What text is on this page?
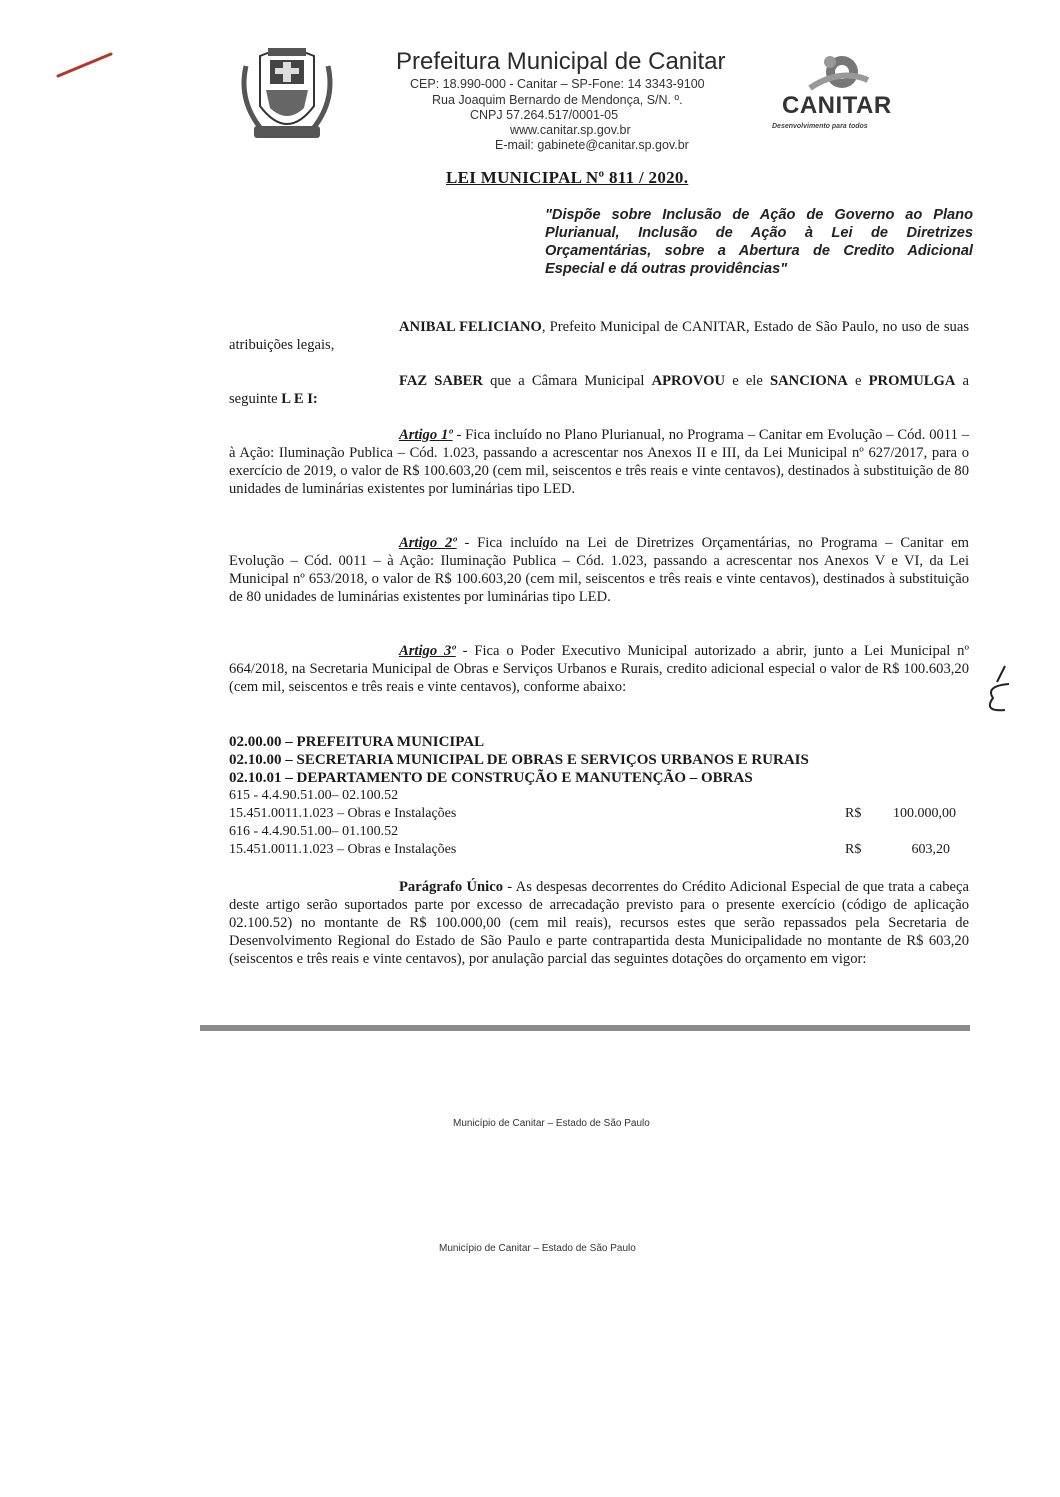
Prefeitura Municipal de Canitar
CEP: 18.990-000 - Canitar – SP-Fone: 14 3343-9100
Rua Joaquim Bernardo de Mendonça, S/N. º.
CNPJ 57.264.517/0001-05
www.canitar.sp.gov.br
E-mail: gabinete@canitar.sp.gov.br
CANITAR
Desenvolvimento para todos
LEI MUNICIPAL Nº 811 / 2020.
"Dispõe sobre Inclusão de Ação de Governo ao Plano Plurianual, Inclusão de Ação à Lei de Diretrizes Orçamentárias, sobre a Abertura de Credito Adicional Especial e dá outras providências"
ANIBAL FELICIANO, Prefeito Municipal de CANITAR, Estado de São Paulo, no uso de suas atribuições legais,
FAZ SABER que a Câmara Municipal APROVOU e ele SANCIONA e PROMULGA a seguinte L E I:
Artigo 1º - Fica incluído no Plano Plurianual, no Programa – Canitar em Evolução – Cód. 0011 – à Ação: Iluminação Publica – Cód. 1.023, passando a acrescentar nos Anexos II e III, da Lei Municipal nº 627/2017, para o exercício de 2019, o valor de R$ 100.603,20 (cem mil, seiscentos e três reais e vinte centavos), destinados à substituição de 80 unidades de luminárias existentes por luminárias tipo LED.
Artigo 2º - Fica incluído na Lei de Diretrizes Orçamentárias, no Programa – Canitar em Evolução – Cód. 0011 – à Ação: Iluminação Publica – Cód. 1.023, passando a acrescentar nos Anexos V e VI, da Lei Municipal nº 653/2018, o valor de R$ 100.603,20 (cem mil, seiscentos e três reais e vinte centavos), destinados à substituição de 80 unidades de luminárias existentes por luminárias tipo LED.
Artigo 3º - Fica o Poder Executivo Municipal autorizado a abrir, junto a Lei Municipal nº 664/2018, na Secretaria Municipal de Obras e Serviços Urbanos e Rurais, credito adicional especial o valor de R$ 100.603,20 (cem mil, seiscentos e três reais e vinte centavos), conforme abaixo:
02.00.00 – PREFEITURA MUNICIPAL
02.10.00 – SECRETARIA MUNICIPAL DE OBRAS E SERVIÇOS URBANOS E RURAIS
02.10.01 – DEPARTAMENTO DE CONSTRUÇÃO E MANUTENÇÃO – OBRAS
615 - 4.4.90.51.00– 02.100.52
15.451.0011.1.023 – Obras e Instalações	R$	100.000,00
616 - 4.4.90.51.00– 01.100.52
15.451.0011.1.023 – Obras e Instalações	R$	603,20
Parágrafo Único - As despesas decorrentes do Crédito Adicional Especial de que trata a cabeça deste artigo serão suportados parte por excesso de arrecadação previsto para o presente exercício (código de aplicação 02.100.52) no montante de R$ 100.000,00 (cem mil reais), recursos estes que serão repassados pela Secretaria de Desenvolvimento Regional do Estado de São Paulo e parte contrapartida desta Municipalidade no montante de R$ 603,20 (seiscentos e três reais e vinte centavos), por anulação parcial das seguintes dotações do orçamento em vigor:
Município de Canitar – Estado de São Paulo
Município de Canitar – Estado de São Paulo
